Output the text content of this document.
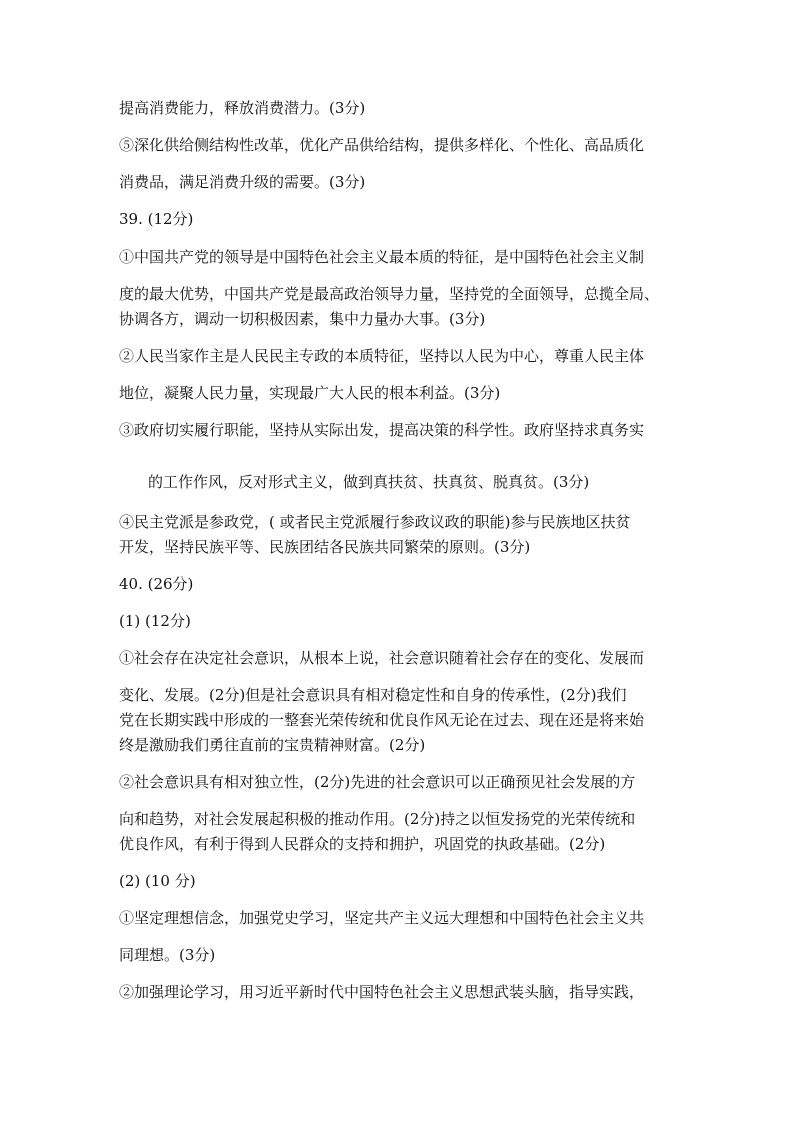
提高消费能力，释放消费潜力。(3分)
⑤深化供给侧结构性改革，优化产品供给结构，提供多样化、个性化、高品质化
消费品，满足消费升级的需要。(3分)
39. (12分)
①中国共产党的领导是中国特色社会主义最本质的特征，是中国特色社会主义制
度的最大优势，中国共产党是最高政治领导力量，坚持党的全面领导，总揽全局、
协调各方，调动一切积极因素，集中力量办大事。(3分)
②人民当家作主是人民民主专政的本质特征，坚持以人民为中心，尊重人民主体
地位，凝聚人民力量，实现最广大人民的根本利益。(3分)
③政府切实履行职能，坚持从实际出发，提高决策的科学性。政府坚持求真务实
的工作作风，反对形式主义，做到真扶贫、扶真贫、脱真贫。(3分)
④民主党派是参政党，( 或者民主党派履行参政议政的职能)参与民族地区扶贫
开发，坚持民族平等、民族团结各民族共同繁荣的原则。(3分)
40. (26分)
(1) (12分)
①社会存在决定社会意识，从根本上说，社会意识随着社会存在的变化、发展而
变化、发展。(2分)但是社会意识具有相对稳定性和自身的传承性，(2分)我们
党在长期实践中形成的一整套光荣传统和优良作风无论在过去、现在还是将来始
终是激励我们勇往直前的宝贵精神财富。(2分)
②社会意识具有相对独立性，(2分)先进的社会意识可以正确预见社会发展的方
向和趋势，对社会发展起积极的推动作用。(2分)持之以恒发扬党的光荣传统和
优良作风，有利于得到人民群众的支持和拥护，巩固党的执政基础。(2分)
(2) (10 分)
①坚定理想信念，加强党史学习，坚定共产主义远大理想和中国特色社会主义共
同理想。(3分)
②加强理论学习，用习近平新时代中国特色社会主义思想武装头脑，指导实践，
